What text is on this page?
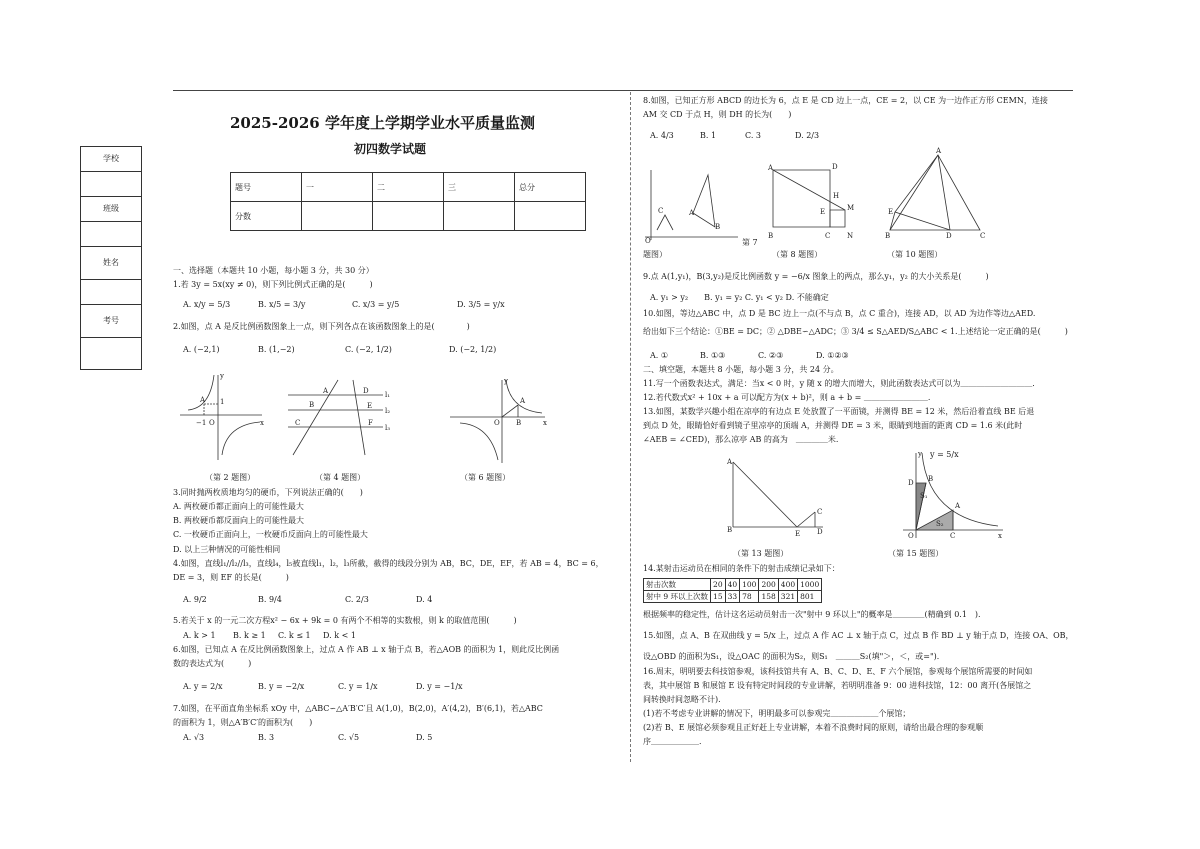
学校
班级
姓名
考号
2025-2026 学年度上学期学业水平质量监测
初四数学试题
题号	一	二	三	总分
分数				
一、选择题（本题共 10 小题，每小题 3 分，共 30 分）
1.若 3y = 5x(xy ≠ 0)，则下列比例式正确的是(　　　)
A. x/y = 5/3	B. x/5 = 3/y	C. x/3 = y/5	D. 3/5 = y/x
2.如图，点 A 是反比例函数图象上一点，则下列各点在该函数图象上的是(　　　　)
A. (−2,1)	B. (1,−2)	C. (−2, 1/2)	D. (−2, 1/2)
A 1
−1 O	x
y
C
B
A
F
E
D l₁
l₂
l₃
A
O B	x
y
（第 2 题图）	（第 4 题图）	（第 6 题图）
3.同时抛两枚质地均匀的硬币，下列说法正确的(　　)
A. 两枚硬币都正面向上的可能性最大
B. 两枚硬币都反面向上的可能性最大
C. 一枚硬币正面向上，一枚硬币反面向上的可能性最大
D. 以上三种情况的可能性相同
4.如图，直线l₁//l₂//l₃，直线l₄，l₅被直线l₁，l₂，l₃所截，截得的线段分别为 AB，BC，DE，EF，若 AB = 4，BC = 6，
DE = 3，则 EF 的长是(　　　)
A. 9/2	B. 9/4	C. 2/3	D. 4
5.若关于 x 的一元二次方程x² − 6x + 9k = 0 有两个不相等的实数根，则 k 的取值范围(　　　)
A. k > 1 B. k ≥ 1 C. k ≤ 1 D. k < 1
6.如图，已知点 A 在反比例函数图象上，过点 A 作 AB ⊥ x 轴于点 B，若△AOB 的面积为 1，则此反比例函
数的表达式为(　　　)
A. y = 2/x	B. y = −2/x	C. y = 1/x	D. y = −1/x
7.如图，在平面直角坐标系 xOy 中，△ABC∽△A′B′C′且 A(1,0)，B(2,0)，A′(4,2)，B′(6,1)，若△ABC
的面积为 1，则△A′B′C′的面积为(　　)
A. √3	B. 3	C. √5	D. 5
8.如图，已知正方形 ABCD 的边长为 6，点 E 是 CD 边上一点，CE = 2，以 CE 为一边作正方形 CEMN，连接
AM 交 CD 于点 H，则 DH 的长为(　　)
A. 4/3	B. 1	C. 3	D. 2/3
O
C	A
B
A	D
H
E	M
B	C N
A
B	C
D
E
题图）
第 7
（第 8 题图）	（第 10 题图）
9.点 A(1,y₁)，B(3,y₂)是反比例函数 y = −6/x 图象上的两点，那么y₁，y₂ 的大小关系是(　　　)
A. y₁ > y₂　　B. y₁ = y₂ C. y₁ < y₂ D. 不能确定
10.如图，等边△ABC 中，点 D 是 BC 边上一点(不与点 B，点 C 重合)，连接 AD，以 AD 为边作等边△AED.
给出如下三个结论：①BE = DC；② △DBE∽△ADC；③ 3/4 ≤ S△AED/S△ABC < 1.上述结论一定正确的是(　　　)
A. ①	B. ①③	C. ②③	D. ①②③
二、填空题，本题共 8 小题，每小题 3 分，共 24 分。
11.写一个函数表达式，满足：当x < 0 时，y 随 x 的增大而增大，则此函数表达式可以为＿＿＿＿＿＿＿＿＿．
12.若代数式x² + 10x + a 可以配方为(x + b)²，则 a + b = ＿＿＿＿＿＿＿＿.
13.如图，某数学兴趣小组在凉亭的有边点 E 处放置了一平面镜，并测得 BE = 12 米，然后沿着直线 BE 后退
到点 D 处，眼睛恰好看到镜子里凉亭的顶端 A，并测得 DE = 3 米，眼睛到地面的距离 CD = 1.6 米(此时
∠AEB = ∠CED)，那么凉亭 AB 的高为　＿＿＿＿米.
A
B	E D
C
B
D
A
O	C	x
y
S₁
S₂
y = 5/x
（第 13 题图）	（第 15 题图）
14.某射击运动员在相同的条件下的射击成绩记录如下：
射击次数	20	40	100	200	400	1000
射中 9 环以上次数	15	33	78	158	321	801
根据频率的稳定性，估计这名运动员射击一次"射中 9 环以上"的概率是＿＿＿＿(精确到 0.1　).
15.如图，点 A、B 在双曲线 y = 5/x 上，过点 A 作 AC ⊥ x 轴于点 C，过点 B 作 BD ⊥ y 轴于点 D，连接 OA、OB，
设△OBD 的面积为S₁，设△OAC 的面积为S₂，则S₁　＿＿＿S₂(填"＞，＜，或=")．
16.周末，明明要去科技馆参观，该科技馆共有 A、B、C、D、E、F 六个展馆，参观每个展馆所需要的时间如
表，其中展馆 B 和展馆 E 设有特定时间段的专业讲解，若明明准备 9：00 进科技馆，12：00 离开(各展馆之
间转换时间忽略不计).
(1)若不考虑专业讲解的情况下，明明最多可以参观完＿＿＿＿＿＿个展馆；
(2)若 B、E 展馆必须参观且正好赶上专业讲解，本着不浪费时间的原则，请给出最合理的参观顺
序＿＿＿＿＿＿．
